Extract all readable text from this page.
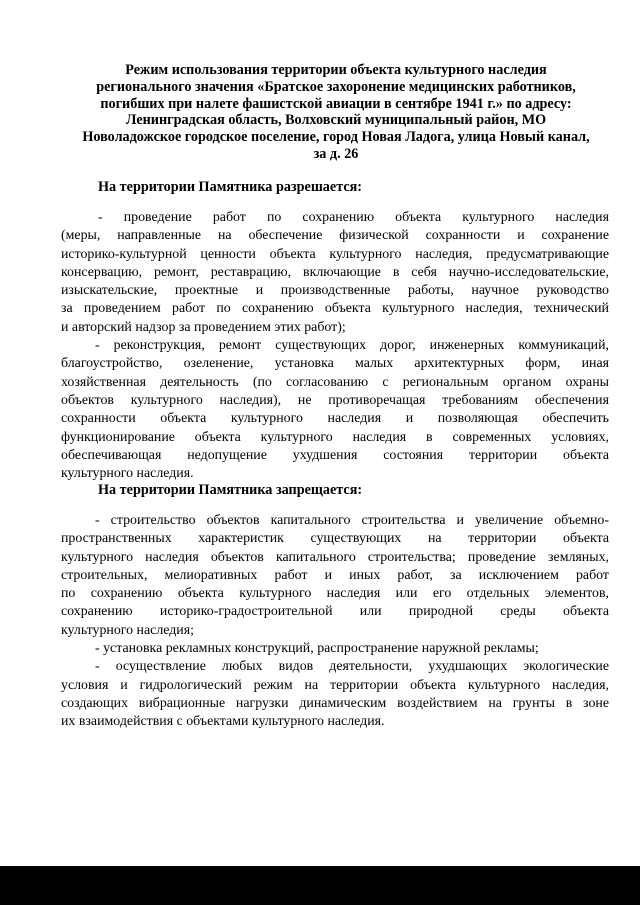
Режим использования территории объекта культурного наследия
регионального значения «Братское захоронение медицинских работников,
погибших при налете фашистской авиации в сентябре 1941 г.» по адресу:
Ленинградская область, Волховский муниципальный район, МО
Новоладожское городское поселение, город Новая Ладога, улица Новый канал,
за д. 26
На территории Памятника разрешается:
- проведение работ по сохранению объекта культурного наследия
(меры, направленные на обеспечение физической сохранности и сохранение
историко-культурной ценности объекта культурного наследия, предусматривающие
консервацию, ремонт, реставрацию, включающие в себя научно-исследовательские,
изыскательские, проектные и производственные работы, научное руководство
за проведением работ по сохранению объекта культурного наследия, технический
и авторский надзор за проведением этих работ);
- реконструкция, ремонт существующих дорог, инженерных коммуникаций,
благоустройство, озеленение, установка малых архитектурных форм, иная
хозяйственная деятельность (по согласованию с региональным органом охраны
объектов культурного наследия), не противоречащая требованиям обеспечения
сохранности объекта культурного наследия и позволяющая обеспечить
функционирование объекта культурного наследия в современных условиях,
обеспечивающая недопущение ухудшения состояния территории объекта
культурного наследия.
На территории Памятника запрещается:
- строительство объектов капитального строительства и увеличение объемно-
пространственных характеристик существующих на территории объекта
культурного наследия объектов капитального строительства; проведение земляных,
строительных, мелиоративных работ и иных работ, за исключением работ
по сохранению объекта культурного наследия или его отдельных элементов,
сохранению историко-градостроительной или природной среды объекта
культурного наследия;
- установка рекламных конструкций, распространение наружной рекламы;
- осуществление любых видов деятельности, ухудшающих экологические
условия и гидрологический режим на территории объекта культурного наследия,
создающих вибрационные нагрузки динамическим воздействием на грунты в зоне
их взаимодействия с объектами культурного наследия.
